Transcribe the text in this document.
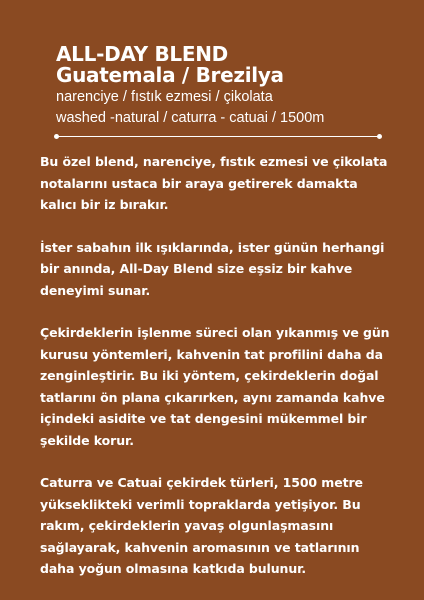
ALL-DAY BLEND
Guatemala / Brezilya
narenciye / fıstık ezmesi / çikolata
washed -natural / caturra - catuai / 1500m

Bu özel blend, narenciye, fıstık ezmesi ve çikolata notalarını ustaca bir araya getirerek damakta kalıcı bir iz bırakır.

İster sabahın ilk ışıklarında, ister günün herhangi bir anında, All-Day Blend size eşsiz bir kahve deneyimi sunar.

Çekirdeklerin işlenme süreci olan yıkanmış ve gün kurusu yöntemleri, kahvenin tat profilini daha da zenginleştirir. Bu iki yöntem, çekirdeklerin doğal tatlarını ön plana çıkarırken, aynı zamanda kahve içindeki asidite ve tat dengesini mükemmel bir şekilde korur.

Caturra ve Catuai çekirdek türleri, 1500 metre yükseklikteki verimli topraklarda yetişiyor. Bu rakım, çekirdeklerin yavaş olgunlaşmasını sağlayarak, kahvenin aromasının ve tatlarının daha yoğun olmasına katkıda bulunur.
